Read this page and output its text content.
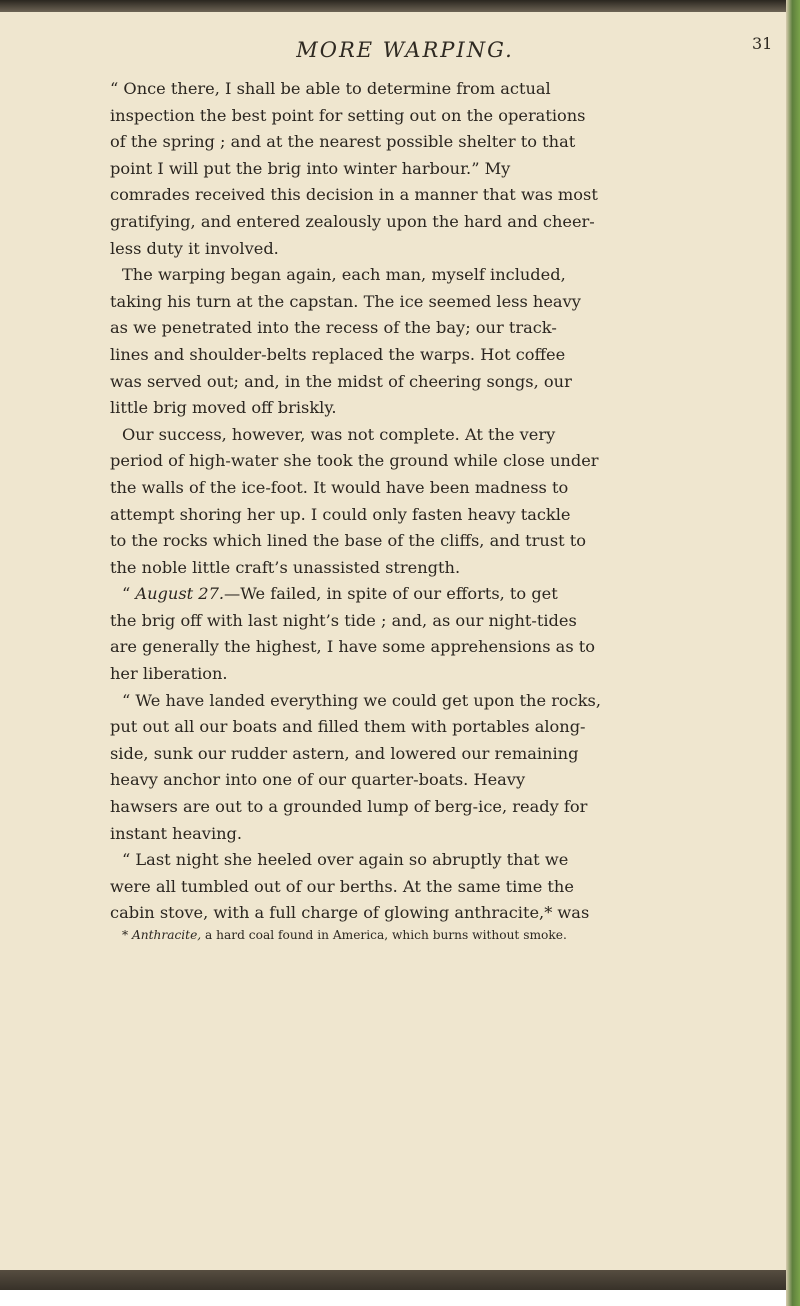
MORE WARPING.	31
“ Once there, I shall be able to determine from actual
inspection the best point for setting out on the operations
of the spring ; and at the nearest possible shelter to that
point I will put the brig into winter harbour.” My
comrades received this decision in a manner that was most
gratifying, and entered zealously upon the hard and cheer-
less duty it involved.
The warping began again, each man, myself included,
taking his turn at the capstan. The ice seemed less heavy
as we penetrated into the recess of the bay; our track-
lines and shoulder-belts replaced the warps. Hot coffee
was served out; and, in the midst of cheering songs, our
little brig moved off briskly.
Our success, however, was not complete. At the very
period of high-water she took the ground while close under
the walls of the ice-foot. It would have been madness to
attempt shoring her up. I could only fasten heavy tackle
to the rocks which lined the base of the cliffs, and trust to
the noble little craft’s unassisted strength.
“ August 27.—We failed, in spite of our efforts, to get
the brig off with last night’s tide ; and, as our night-tides
are generally the highest, I have some apprehensions as to
her liberation.
“ We have landed everything we could get upon the rocks,
put out all our boats and filled them with portables along-
side, sunk our rudder astern, and lowered our remaining
heavy anchor into one of our quarter-boats. Heavy
hawsers are out to a grounded lump of berg-ice, ready for
instant heaving.
“ Last night she heeled over again so abruptly that we
were all tumbled out of our berths. At the same time the
cabin stove, with a full charge of glowing anthracite,* was
* Anthracite, a hard coal found in America, which burns without smoke.
